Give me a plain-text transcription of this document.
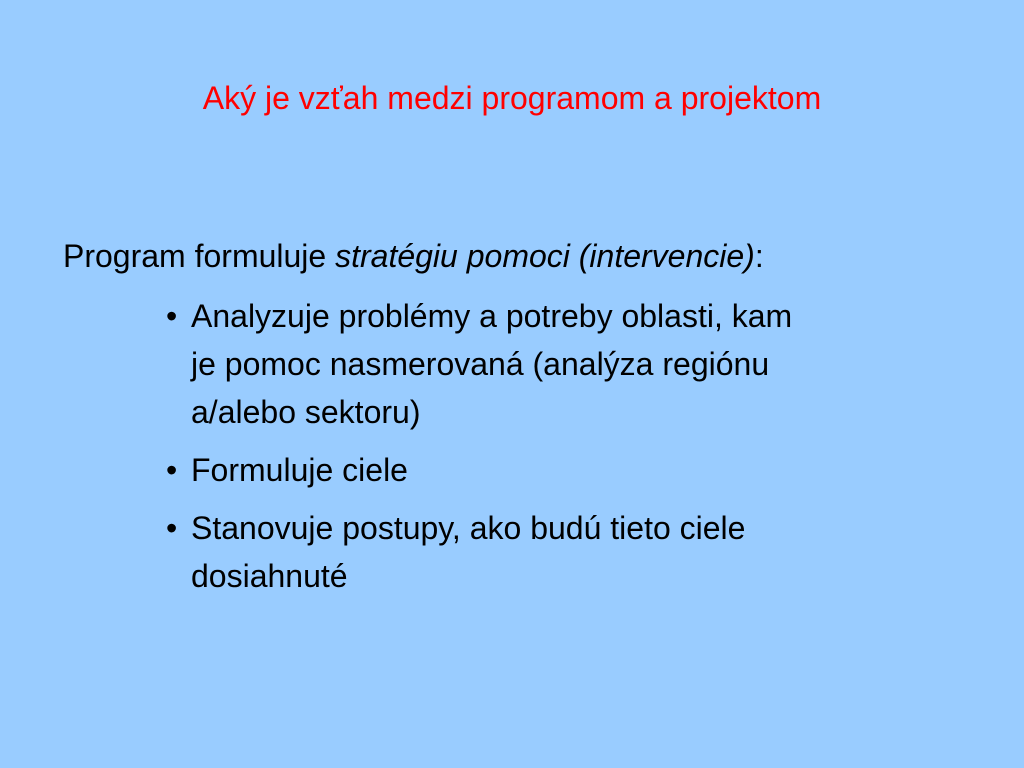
Aký je vzťah medzi programom a projektom
Program formuluje stratégiu pomoci (intervencie):
• Analyzuje problémy a potreby oblasti, kam
je pomoc nasmerovaná (analýza regiónu
a/alebo sektoru)
• Formuluje ciele
• Stanovuje postupy, ako budú tieto ciele
dosiahnuté
